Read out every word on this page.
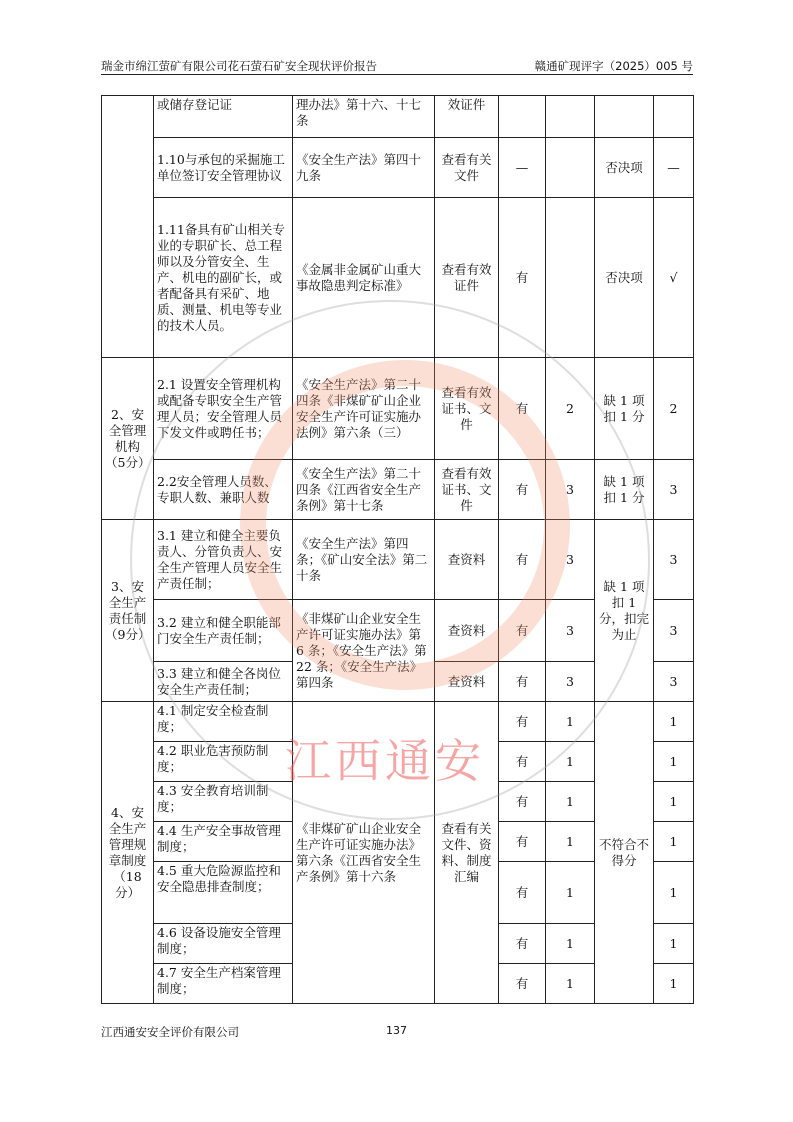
瑞金市绵江萤矿有限公司花石萤石矿安全现状评价报告	赣通矿现评字（2025）005 号
	或储存登记证	理办法》第十六、十七条	效证件				
	1.10与承包的采掘施工单位签订安全管理协议	《安全生产法》第四十九条	查看有关文件	—		否决项	—
	1.11备具有矿山相关专业的专职矿长、总工程师以及分管安全、生产、机电的副矿长，或者配备具有采矿、地质、测量、机电等专业的技术人员。	《金属非金属矿山重大事故隐患判定标准》	查看有效证件	有		否决项	√
2、安全管理机构（5分）	2.1 设置安全管理机构或配备专职安全生产管理人员；安全管理人员下发文件或聘任书；	《安全生产法》第二十四条《非煤矿矿山企业安全生产许可证实施办法例》第六条（三）	查看有效证书、文件	有	2	缺 1 项扣 1 分	2
	2.2安全管理人员数、专职人数、兼职人数	《安全生产法》第二十四条《江西省安全生产条例》第十七条	查看有效证书、文件	有	3	缺 1 项扣 1 分	3
3、安全生产责任制（9分）	3.1 建立和健全主要负责人、分管负责人、安全生产管理人员安全生产责任制；	《安全生产法》第四条；《矿山安全法》第二十条	查资料	有	3	缺 1 项扣 1 分，扣完为止	3
	3.2 建立和健全职能部门安全生产责任制；	《非煤矿山企业安全生产许可证实施办法》第 6 条；《安全生产法》第 22 条；《安全生产法》第四条	查资料	有	3		3
	3.3 建立和健全各岗位安全生产责任制；		查资料	有	3		3
4、安全生产管理规章制度（18分）	4.1 制定安全检查制度；	《非煤矿矿山企业安全生产许可证实施办法》第六条《江西省安全生产条例》第十六条	查看有关文件、资料、制度汇编	有	1	不符合不得分	1
	4.2 职业危害预防制度；			有	1		1
	4.3 安全教育培训制度；			有	1		1
	4.4 生产安全事故管理制度；			有	1		1
	4.5 重大危险源监控和安全隐患排查制度；			有	1		1
	4.6 设备设施安全管理制度；			有	1		1
	4.7 安全生产档案管理制度；			有	1		1
江西通安
江西通安安全评价有限公司	137
